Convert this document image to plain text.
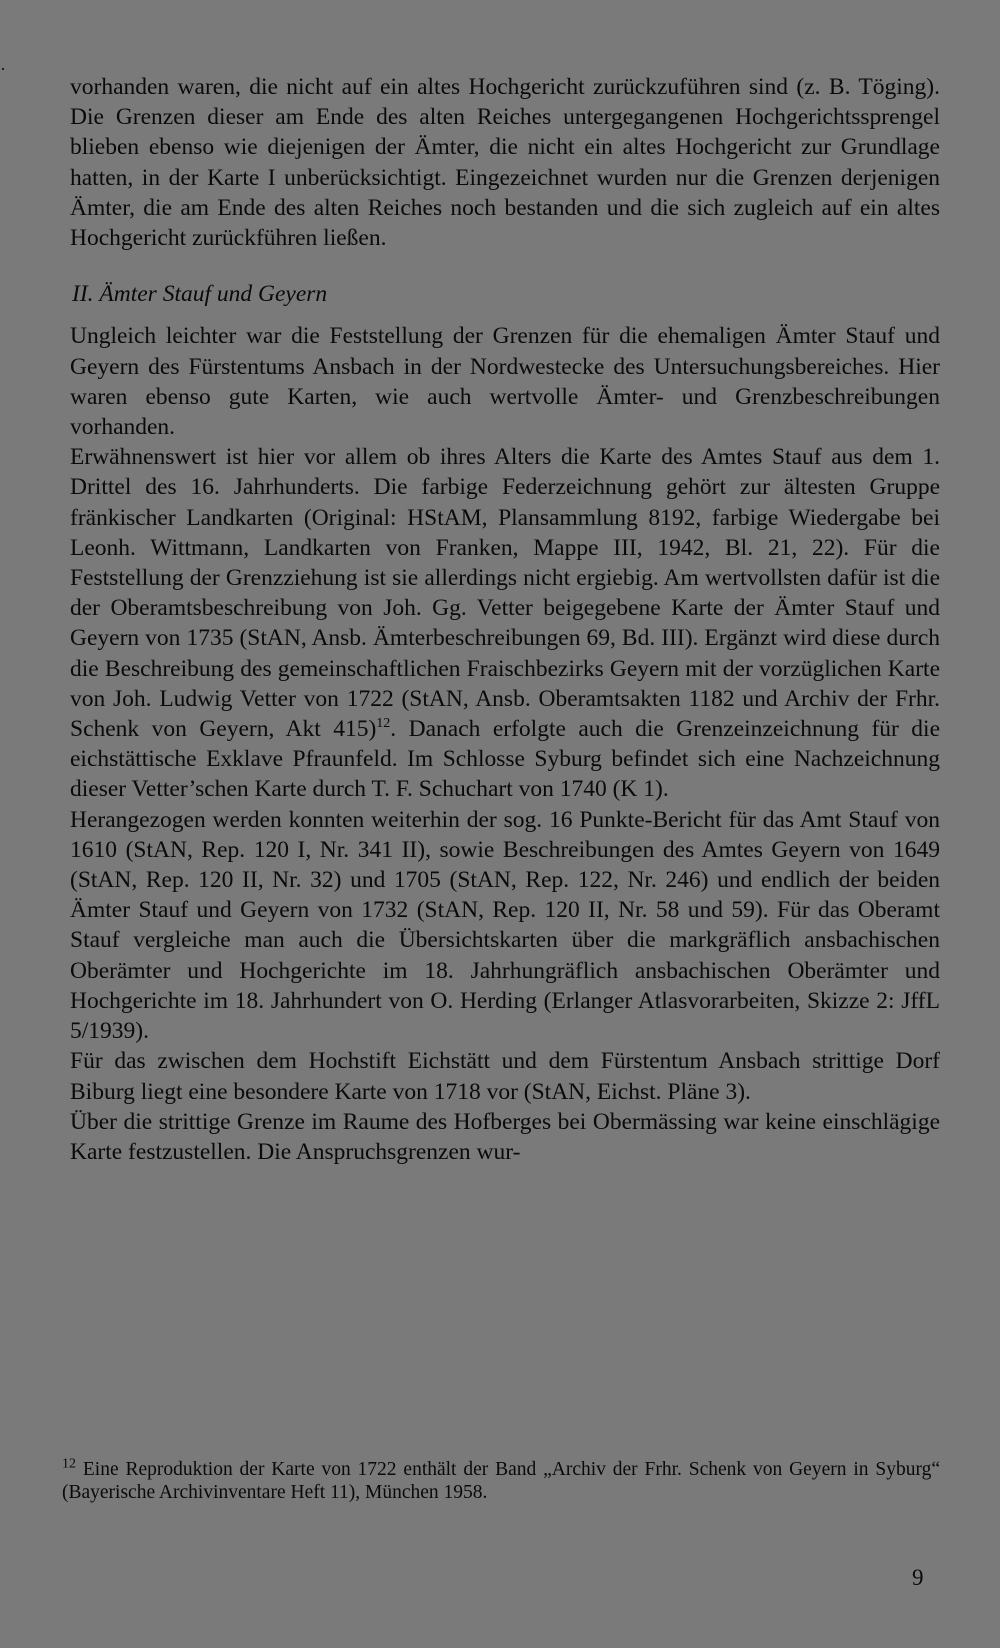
vorhanden waren, die nicht auf ein altes Hochgericht zurückzuführen sind (z. B. Töging). Die Grenzen dieser am Ende des alten Reiches untergegangenen Hochgerichtssprengel blieben ebenso wie diejenigen der Ämter, die nicht ein altes Hochgericht zur Grundlage hatten, in der Karte I unberücksichtigt. Eingezeichnet wurden nur die Grenzen derjenigen Ämter, die am Ende des alten Reiches noch bestanden und die sich zugleich auf ein altes Hochgericht zurückführen ließen.

II. Ämter Stauf und Geyern

Ungleich leichter war die Feststellung der Grenzen für die ehemaligen Ämter Stauf und Geyern des Fürstentums Ansbach in der Nordwestecke des Untersuchungsbereiches. Hier waren ebenso gute Karten, wie auch wertvolle Ämter- und Grenzbeschreibungen vorhanden.

Erwähnenswert ist hier vor allem ob ihres Alters die Karte des Amtes Stauf aus dem 1. Drittel des 16. Jahrhunderts. Die farbige Federzeichnung gehört zur ältesten Gruppe fränkischer Landkarten (Original: HStAM, Plansammlung 8192, farbige Wiedergabe bei Leonh. Wittmann, Landkarten von Franken, Mappe III, 1942, Bl. 21, 22). Für die Feststellung der Grenzziehung ist sie allerdings nicht ergiebig. Am wertvollsten dafür ist die der Oberamtsbeschreibung von Joh. Gg. Vetter beigegebene Karte der Ämter Stauf und Geyern von 1735 (StAN, Ansb. Ämterbeschreibungen 69, Bd. III). Ergänzt wird diese durch die Beschreibung des gemeinschaftlichen Fraischbezirks Geyern mit der vorzüglichen Karte von Joh. Ludwig Vetter von 1722 (StAN, Ansb. Oberamtsakten 1182 und Archiv der Frhr. Schenk von Geyern, Akt 415)$^{12}$. Danach erfolgte auch die Grenzeinzeichnung für die eichstättische Exklave Pfraunfeld. Im Schlosse Syburg befindet sich eine Nachzeichnung dieser Vetter’schen Karte durch T. F. Schuchart von 1740 (K 1).

Herangezogen werden konnten weiterhin der sog. 16 Punkte-Bericht für das Amt Stauf von 1610 (StAN, Rep. 120 I, Nr. 341 II), sowie Beschreibungen des Amtes Geyern von 1649 (StAN, Rep. 120 II, Nr. 32) und 1705 (StAN, Rep. 122, Nr. 246) und endlich der beiden Ämter Stauf und Geyern von 1732 (StAN, Rep. 120 II, Nr. 58 und 59). Für das Oberamt Stauf vergleiche man auch die Übersichtskarten über die markgräflich ansbachischen Oberämter und Hochgerichte im 18. Jahrhungräflich ansbachischen Oberämter und Hochgerichte im 18. Jahrhundert von O. Herding (Erlanger Atlasvorarbeiten, Skizze 2: JffL 5/1939).

Für das zwischen dem Hochstift Eichstätt und dem Fürstentum Ansbach strittige Dorf Biburg liegt eine besondere Karte von 1718 vor (StAN, Eichst. Pläne 3).

Über die strittige Grenze im Raume des Hofberges bei Obermässing war keine einschlägige Karte festzustellen. Die Anspruchsgrenzen wur-

$^{12}$ Eine Reproduktion der Karte von 1722 enthält der Band „Archiv der Frhr. Schenk von Geyern in Syburg“ (Bayerische Archivinventare Heft 11), München 1958.

9
